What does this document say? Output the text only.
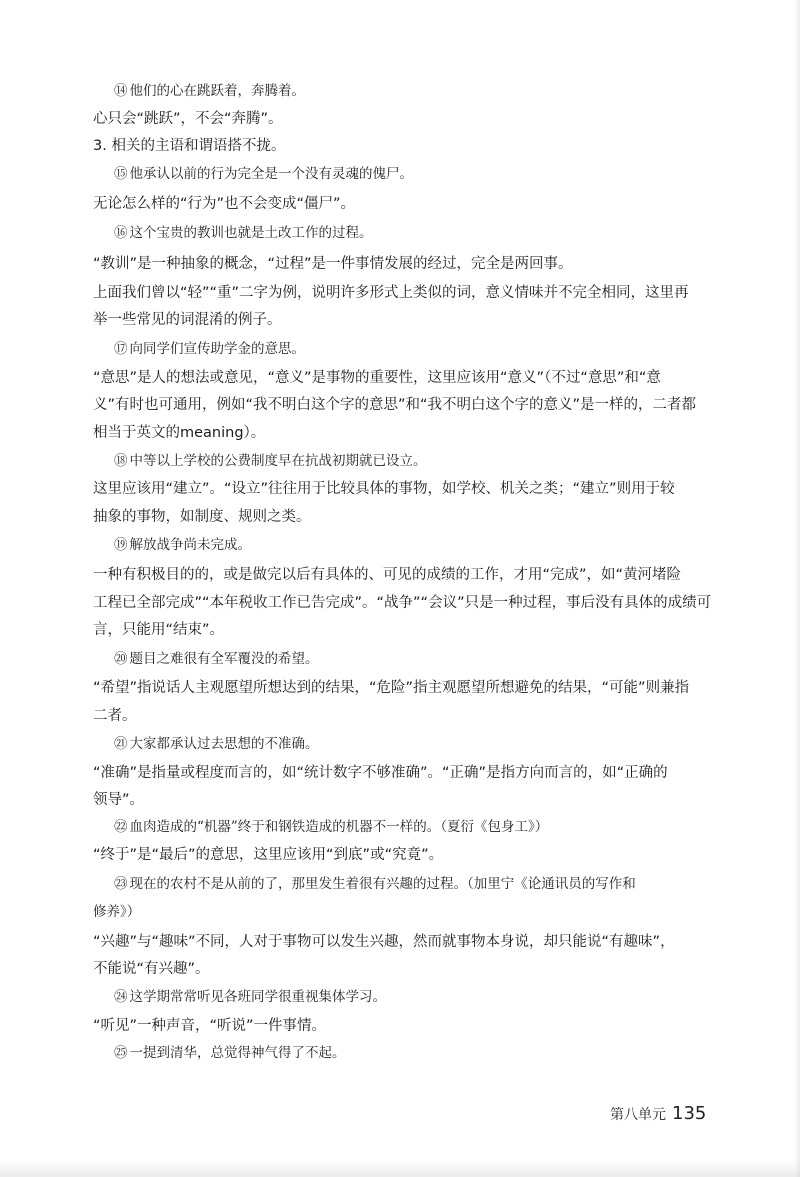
⑭ 他们的心在跳跃着，奔腾着。
心只会“跳跃”，不会“奔腾”。
3. 相关的主语和谓语搭不拢。
⑮ 他承认以前的行为完全是一个没有灵魂的傀尸。
无论怎么样的“行为”也不会变成“僵尸”。
⑯ 这个宝贵的教训也就是土改工作的过程。
“教训”是一种抽象的概念，“过程”是一件事情发展的经过，完全是两回事。
上面我们曾以“轻”“重”二字为例，说明许多形式上类似的词，意义情味并不完全相同，这里再
举一些常见的词混淆的例子。
⑰ 向同学们宣传助学金的意思。
“意思”是人的想法或意见，“意义”是事物的重要性，这里应该用“意义”（不过“意思”和“意
义”有时也可通用，例如“我不明白这个字的意思”和“我不明白这个字的意义”是一样的，二者都
相当于英文的meaning）。
⑱ 中等以上学校的公费制度早在抗战初期就已设立。
这里应该用“建立”。“设立”往往用于比较具体的事物，如学校、机关之类；“建立”则用于较
抽象的事物，如制度、规则之类。
⑲ 解放战争尚未完成。
一种有积极目的的，或是做完以后有具体的、可见的成绩的工作，才用“完成”，如“黄河堵险
工程已全部完成”“本年税收工作已告完成”。“战争”“会议”只是一种过程，事后没有具体的成绩可
言，只能用“结束”。
⑳ 题目之难很有全军覆没的希望。
“希望”指说话人主观愿望所想达到的结果，“危险”指主观愿望所想避免的结果，“可能”则兼指
二者。
㉑ 大家都承认过去思想的不准确。
“准确”是指量或程度而言的，如“统计数字不够准确”。“正确”是指方向而言的，如“正确的
领导”。
㉒ 血肉造成的“机器”终于和钢铁造成的机器不一样的。（夏衍《包身工》）
“终于”是“最后”的意思，这里应该用“到底”或“究竟”。
㉓ 现在的农村不是从前的了，那里发生着很有兴趣的过程。（加里宁《论通讯员的写作和
修养》）
“兴趣”与“趣味”不同，人对于事物可以发生兴趣，然而就事物本身说，却只能说“有趣味”，
不能说“有兴趣”。
㉔ 这学期常常听见各班同学很重视集体学习。
“听见”一种声音，“听说”一件事情。
㉕ 一提到清华，总觉得神气得了不起。
第八单元 135
